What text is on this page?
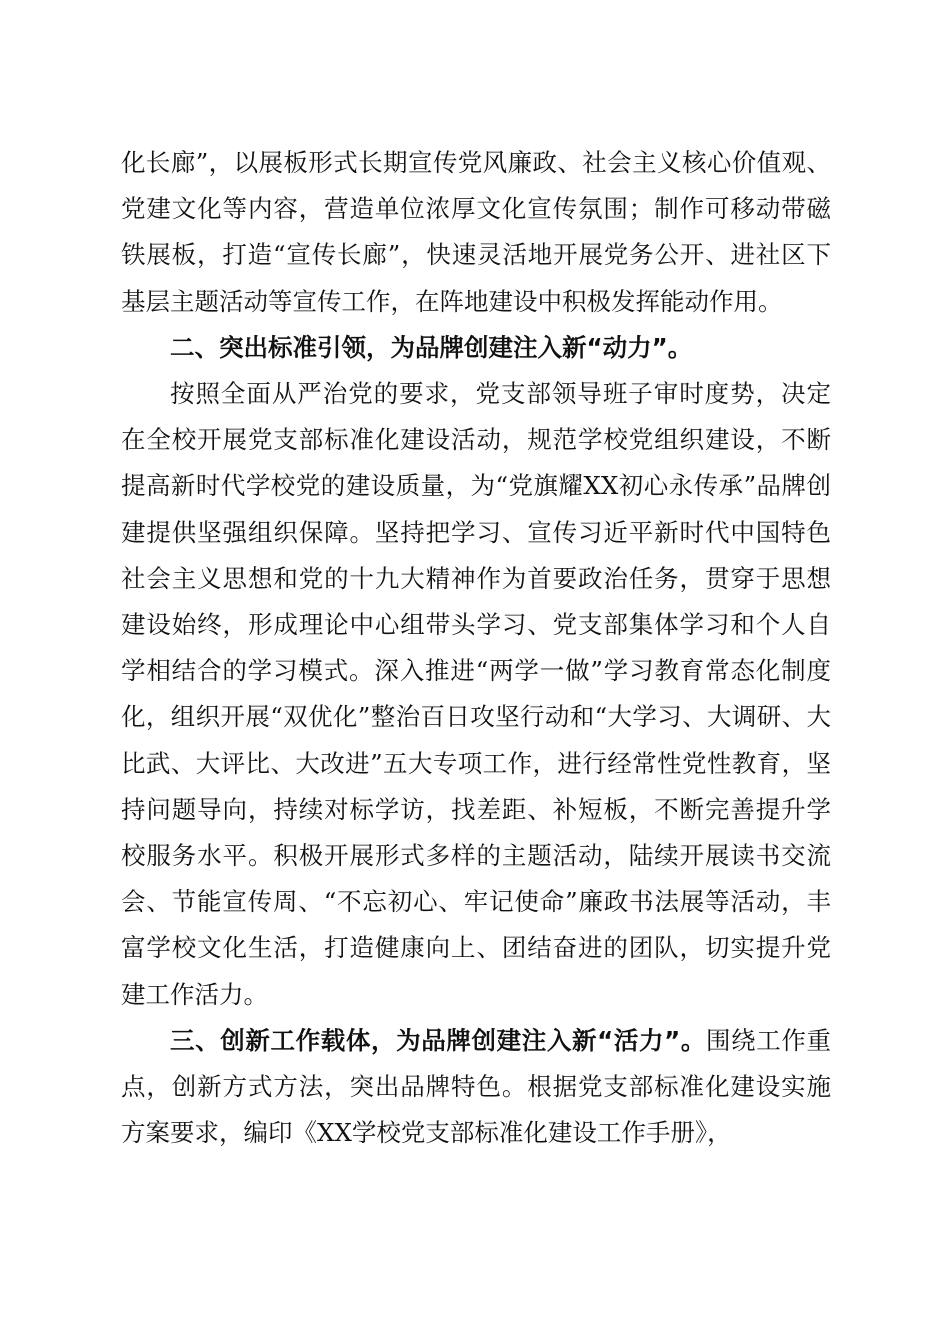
化长廊”，以展板形式长期宣传党风廉政、社会主义核心价值观、党建文化等内容，营造单位浓厚文化宣传氛围；制作可移动带磁铁展板，打造“宣传长廊”，快速灵活地开展党务公开、进社区下基层主题活动等宣传工作，在阵地建设中积极发挥能动作用。

二、突出标准引领，为品牌创建注入新“动力”。

按照全面从严治党的要求，党支部领导班子审时度势，决定在全校开展党支部标准化建设活动，规范学校党组织建设，不断提高新时代学校党的建设质量，为“党旗耀XX初心永传承”品牌创建提供坚强组织保障。坚持把学习、宣传习近平新时代中国特色社会主义思想和党的十九大精神作为首要政治任务，贯穿于思想建设始终，形成理论中心组带头学习、党支部集体学习和个人自学相结合的学习模式。深入推进“两学一做”学习教育常态化制度化，组织开展“双优化”整治百日攻坚行动和“大学习、大调研、大比武、大评比、大改进”五大专项工作，进行经常性党性教育，坚持问题导向，持续对标学访，找差距、补短板，不断完善提升学校服务水平。积极开展形式多样的主题活动，陆续开展读书交流会、节能宣传周、“不忘初心、牢记使命”廉政书法展等活动，丰富学校文化生活，打造健康向上、团结奋进的团队，切实提升党建工作活力。

三、创新工作载体，为品牌创建注入新“活力”。围绕工作重点，创新方式方法，突出品牌特色。根据党支部标准化建设实施方案要求，编印《XX学校党支部标准化建设工作手册》，
